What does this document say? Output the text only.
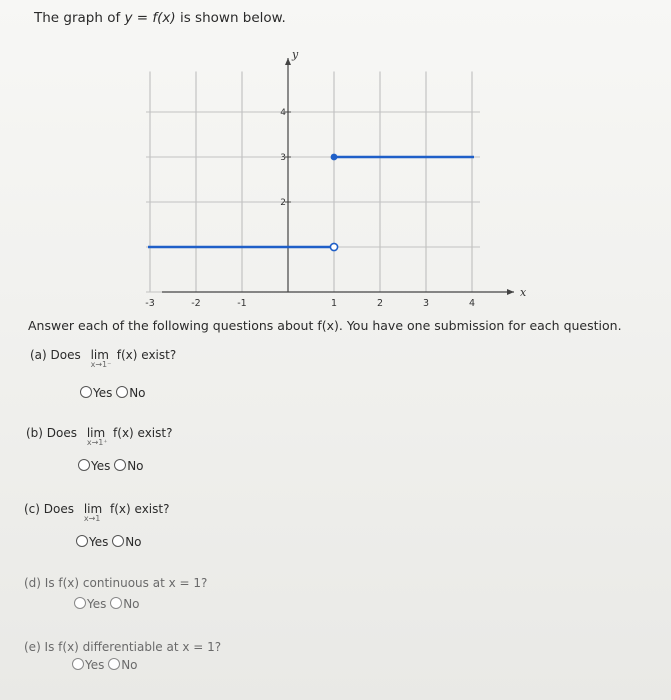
The graph of y = f(x) is shown below.
x
y
-3	-2	-1	1	2	3	4
2
3
4
Answer each of the following questions about f(x). You have one submission for each question.
(a) Does lim
x→1⁻
f(x) exist?
Yes No
(b) Does lim
x→1⁺
f(x) exist?
Yes No
(c) Does lim
x→1
f(x) exist?
Yes No
(d) Is f(x) continuous at x = 1?
Yes No
(e) Is f(x) differentiable at x = 1?
Yes No
